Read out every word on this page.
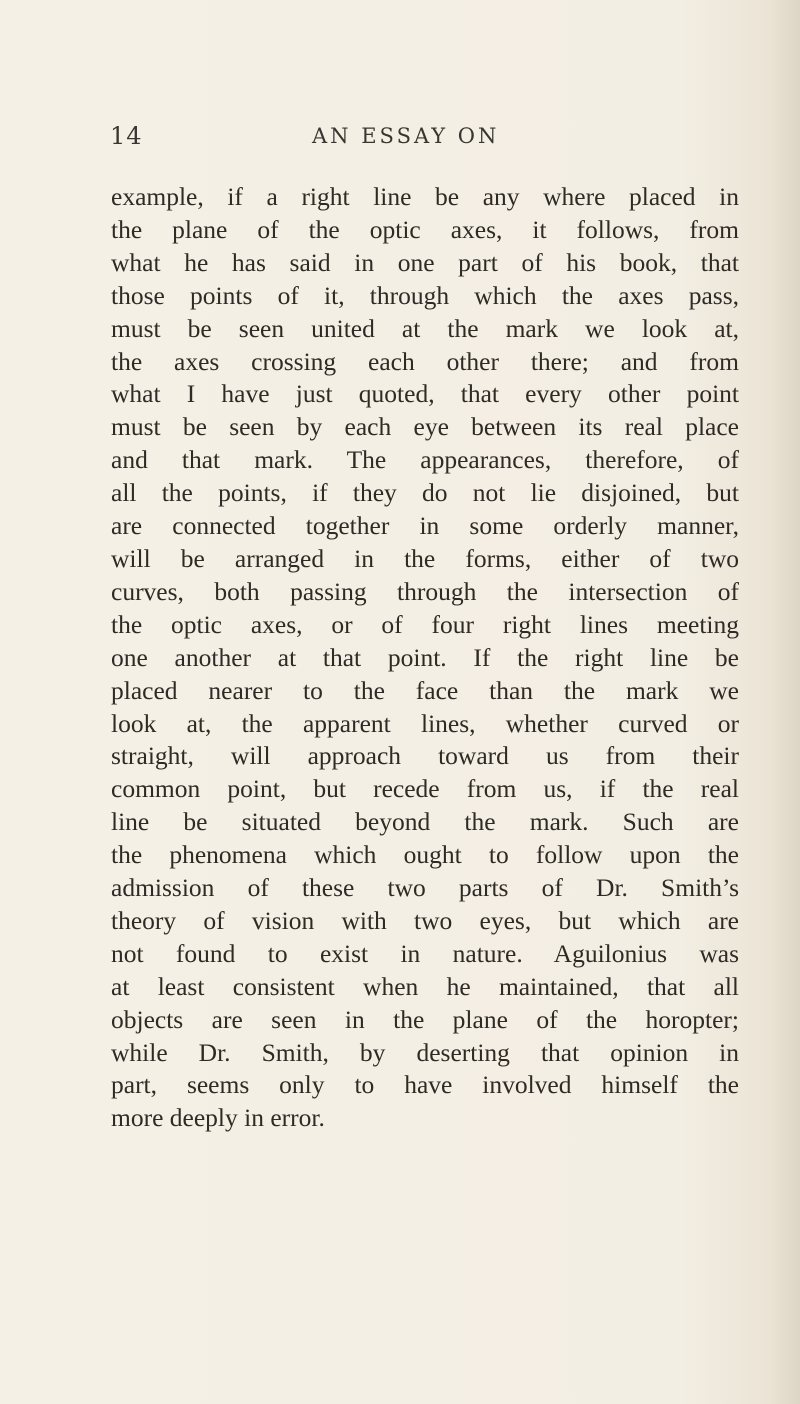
14	AN ESSAY ON
example, if a right line be any where placed in
the plane of the optic axes, it follows, from
what he has said in one part of his book, that
those points of it, through which the axes pass,
must be seen united at the mark we look at,
the axes crossing each other there; and from
what I have just quoted, that every other point
must be seen by each eye between its real place
and that mark. The appearances, therefore, of
all the points, if they do not lie disjoined, but
are connected together in some orderly manner,
will be arranged in the forms, either of two
curves, both passing through the intersection of
the optic axes, or of four right lines meeting
one another at that point. If the right line be
placed nearer to the face than the mark we
look at, the apparent lines, whether curved or
straight, will approach toward us from their
common point, but recede from us, if the real
line be situated beyond the mark. Such are
the phenomena which ought to follow upon the
admission of these two parts of Dr. Smith’s
theory of vision with two eyes, but which are
not found to exist in nature. Aguilonius was
at least consistent when he maintained, that all
objects are seen in the plane of the horopter;
while Dr. Smith, by deserting that opinion in
part, seems only to have involved himself the
more deeply in error.
